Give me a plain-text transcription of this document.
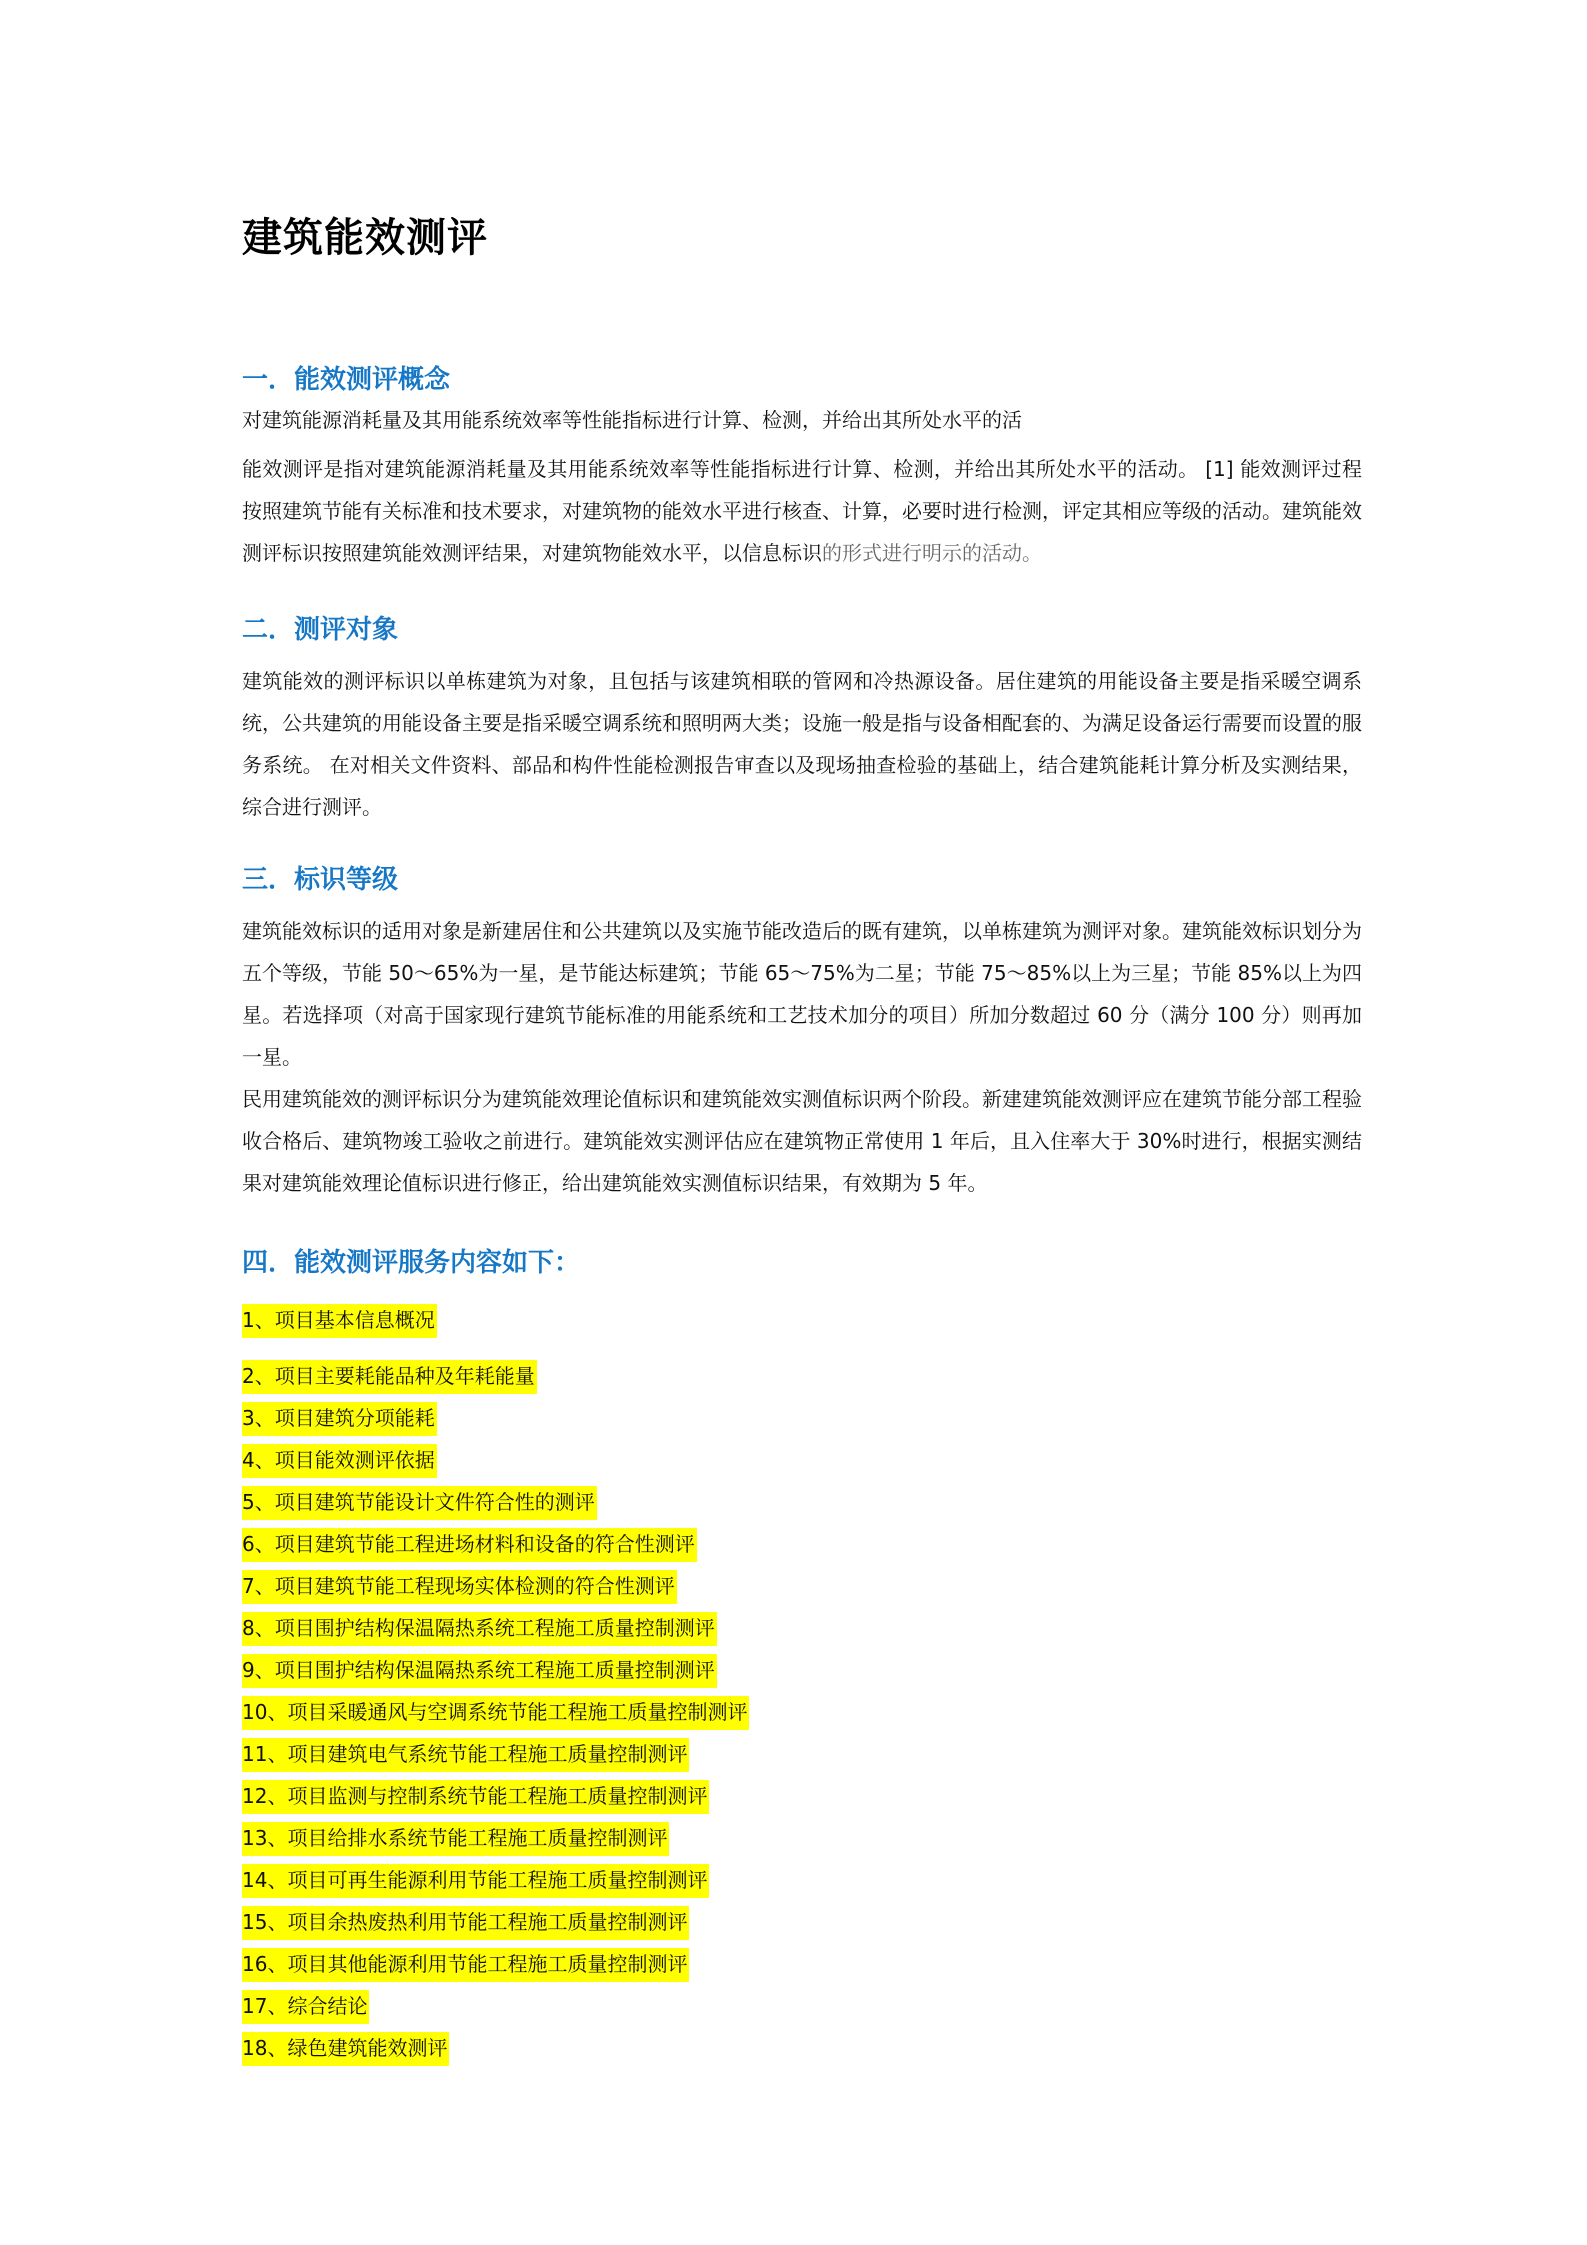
建筑能效测评
一．能效测评概念

对建筑能源消耗量及其用能系统效率等性能指标进行计算、检测，并给出其所处水平的活

能效测评是指对建筑能源消耗量及其用能系统效率等性能指标进行计算、检测，并给出其所处水平的活动。 [1] 能效测评过程按照建筑节能有关标准和技术要求，对建筑物的能效水平进行核查、计算，必要时进行检测，评定其相应等级的活动。建筑能效测评标识按照建筑能效测评结果，对建筑物能效水平，以信息标识的形式进行明示的活动。

二．测评对象

建筑能效的测评标识以单栋建筑为对象，且包括与该建筑相联的管网和冷热源设备。居住建筑的用能设备主要是指采暖空调系统，公共建筑的用能设备主要是指采暖空调系统和照明两大类；设施一般是指与设备相配套的、为满足设备运行需要而设置的服务系统。 在对相关文件资料、部品和构件性能检测报告审查以及现场抽查检验的基础上，结合建筑能耗计算分析及实测结果，综合进行测评。

三．标识等级

建筑能效标识的适用对象是新建居住和公共建筑以及实施节能改造后的既有建筑，以单栋建筑为测评对象。建筑能效标识划分为五个等级，节能 50～65%为一星，是节能达标建筑；节能 65～75%为二星；节能 75～85%以上为三星；节能 85%以上为四星。若选择项（对高于国家现行建筑节能标准的用能系统和工艺技术加分的项目）所加分数超过 60 分（满分 100 分）则再加一星。

民用建筑能效的测评标识分为建筑能效理论值标识和建筑能效实测值标识两个阶段。新建建筑能效测评应在建筑节能分部工程验收合格后、建筑物竣工验收之前进行。建筑能效实测评估应在建筑物正常使用 1 年后，且入住率大于 30%时进行，根据实测结果对建筑能效理论值标识进行修正，给出建筑能效实测值标识结果，有效期为 5 年。

四．能效测评服务内容如下：
1、项目基本信息概况
2、项目主要耗能品种及年耗能量
3、项目建筑分项能耗
4、项目能效测评依据
5、项目建筑节能设计文件符合性的测评
6、项目建筑节能工程进场材料和设备的符合性测评
7、项目建筑节能工程现场实体检测的符合性测评
8、项目围护结构保温隔热系统工程施工质量控制测评
9、项目围护结构保温隔热系统工程施工质量控制测评
10、项目采暖通风与空调系统节能工程施工质量控制测评
11、项目建筑电气系统节能工程施工质量控制测评
12、项目监测与控制系统节能工程施工质量控制测评
13、项目给排水系统节能工程施工质量控制测评
14、项目可再生能源利用节能工程施工质量控制测评
15、项目余热废热利用节能工程施工质量控制测评
16、项目其他能源利用节能工程施工质量控制测评
17、综合结论
18、绿色建筑能效测评
